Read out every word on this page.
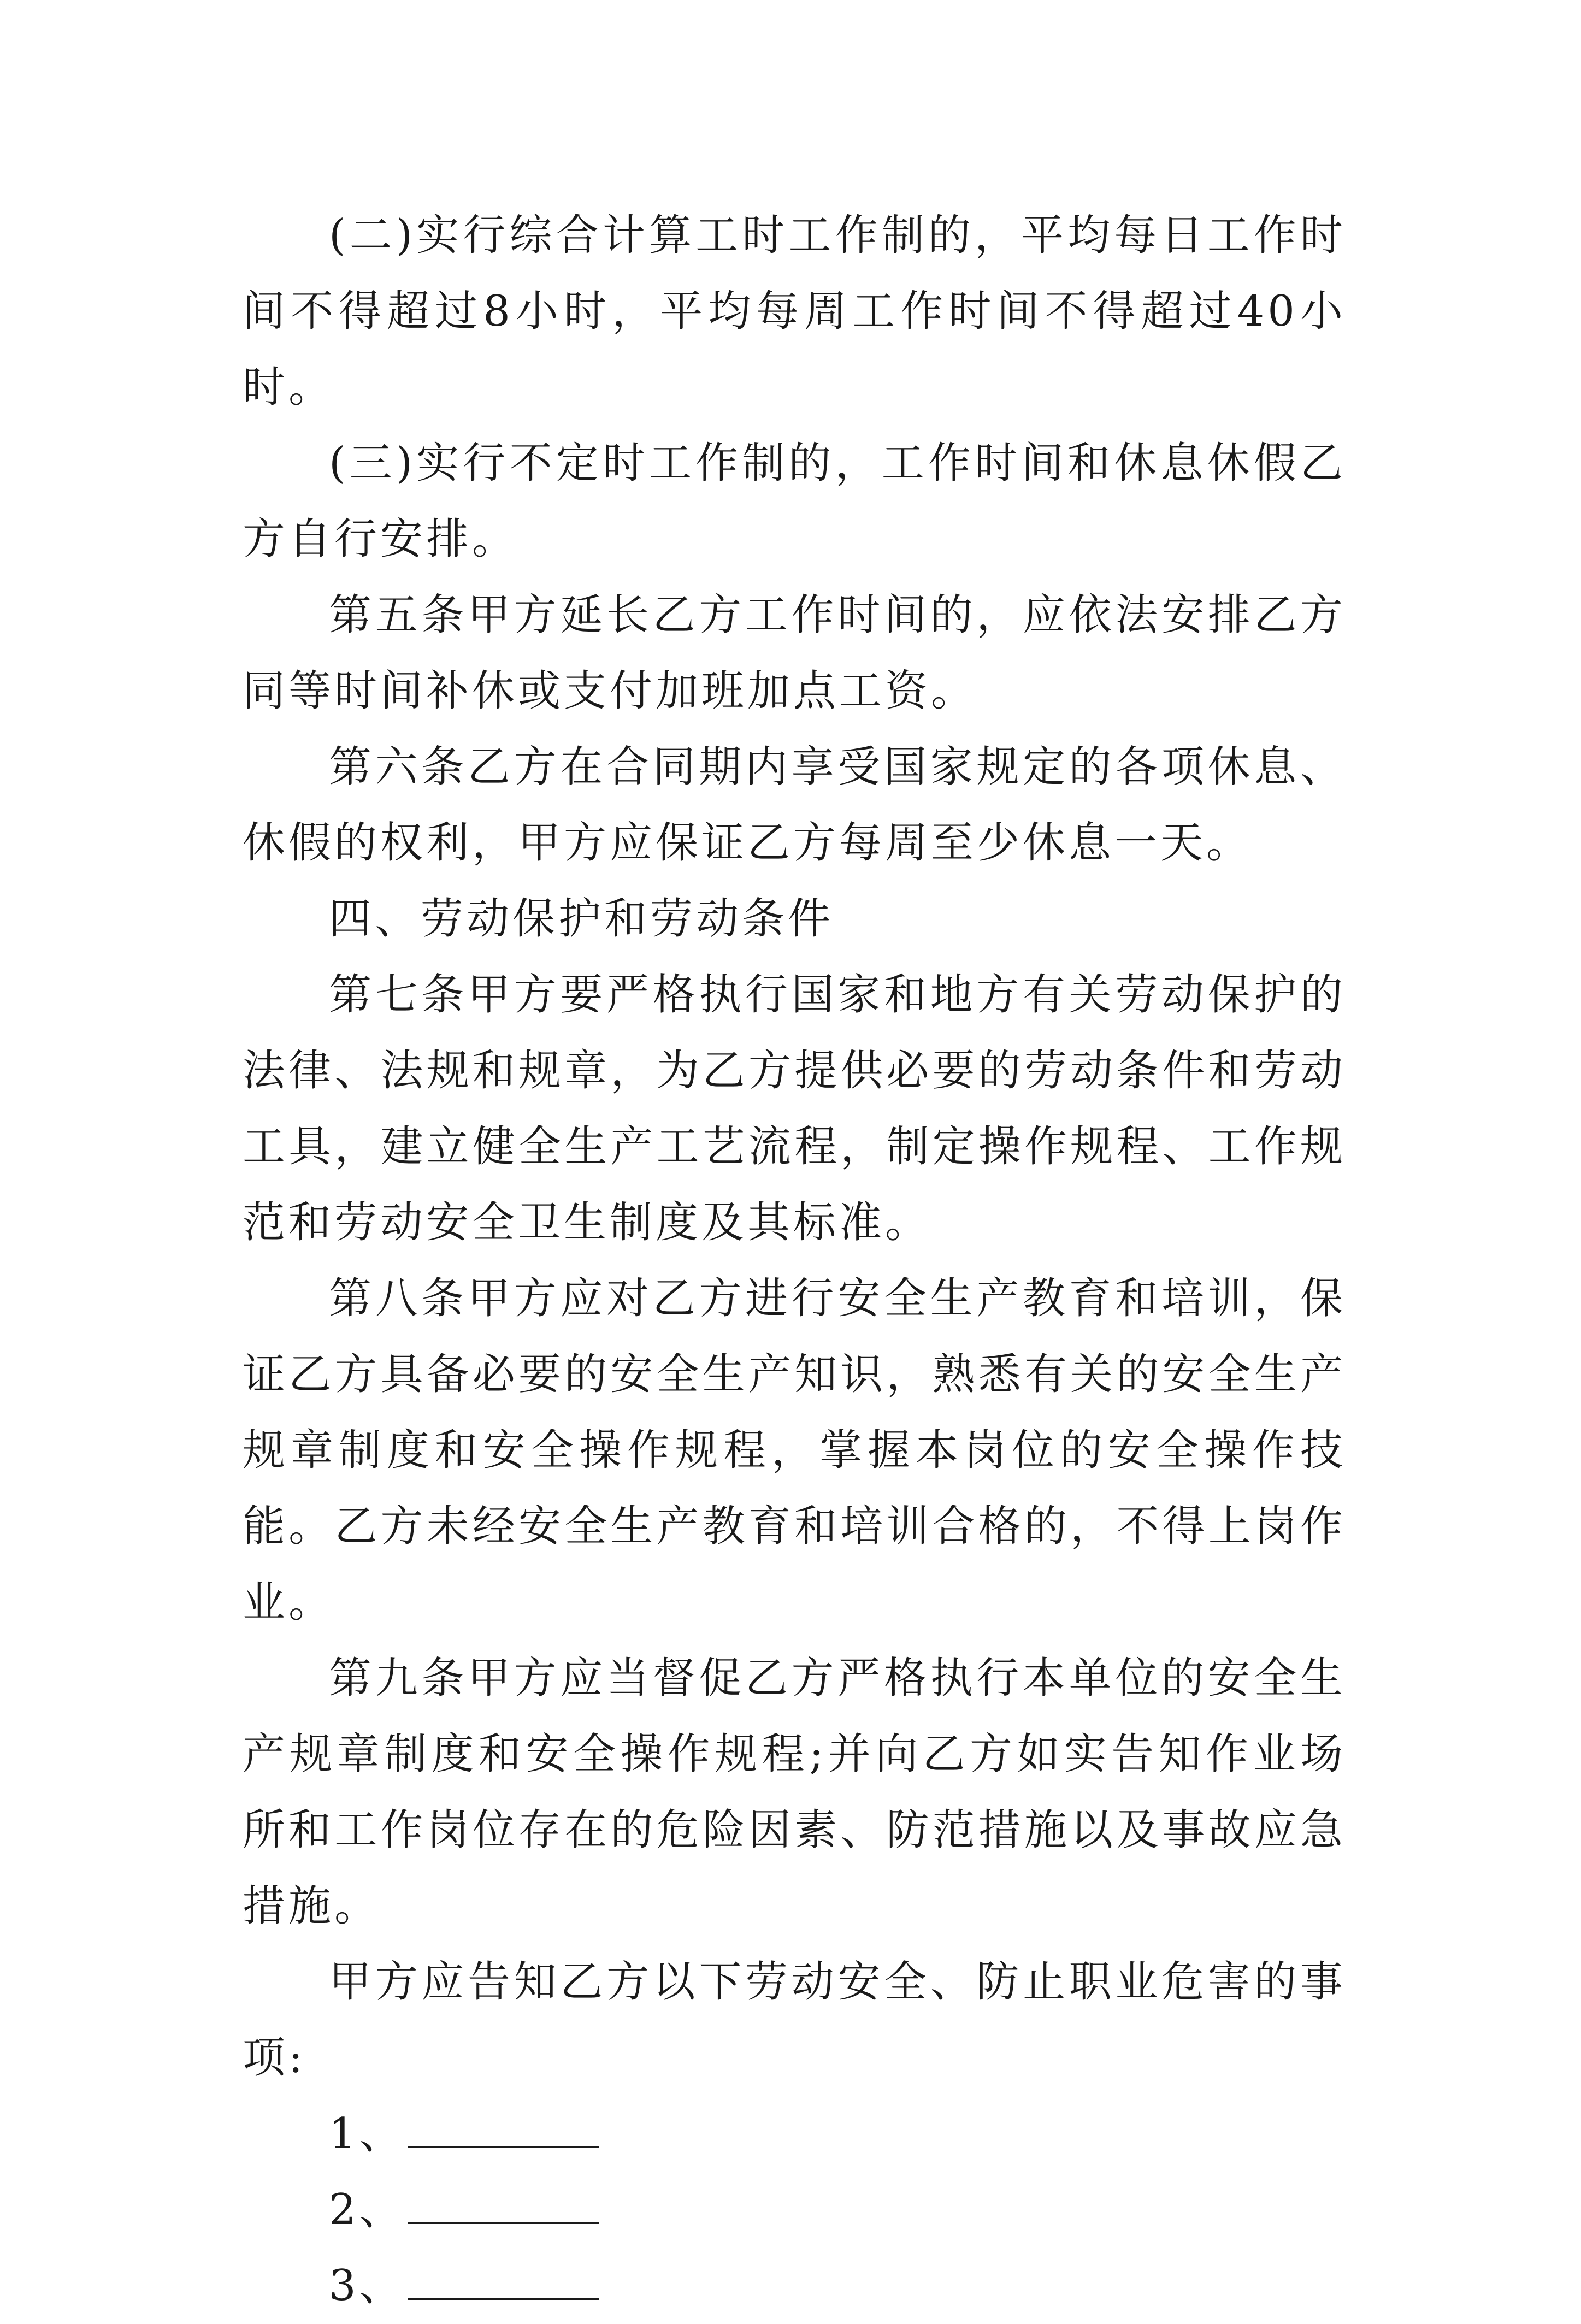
(二)实行综合计算工时工作制的，平均每日工作时间不得超过8小时，平均每周工作时间不得超过40小时。

(三)实行不定时工作制的，工作时间和休息休假乙方自行安排。

第五条甲方延长乙方工作时间的，应依法安排乙方同等时间补休或支付加班加点工资。

第六条乙方在合同期内享受国家规定的各项休息、休假的权利，甲方应保证乙方每周至少休息一天。

四、劳动保护和劳动条件

第七条甲方要严格执行国家和地方有关劳动保护的法律、法规和规章，为乙方提供必要的劳动条件和劳动工具，建立健全生产工艺流程，制定操作规程、工作规范和劳动安全卫生制度及其标准。

第八条甲方应对乙方进行安全生产教育和培训，保证乙方具备必要的安全生产知识，熟悉有关的安全生产规章制度和安全操作规程，掌握本岗位的安全操作技能。乙方未经安全生产教育和培训合格的，不得上岗作业。

第九条甲方应当督促乙方严格执行本单位的安全生产规章制度和安全操作规程;并向乙方如实告知作业场所和工作岗位存在的危险因素、防范措施以及事故应急措施。

甲方应告知乙方以下劳动安全、防止职业危害的事项:

1、
2、
3、
